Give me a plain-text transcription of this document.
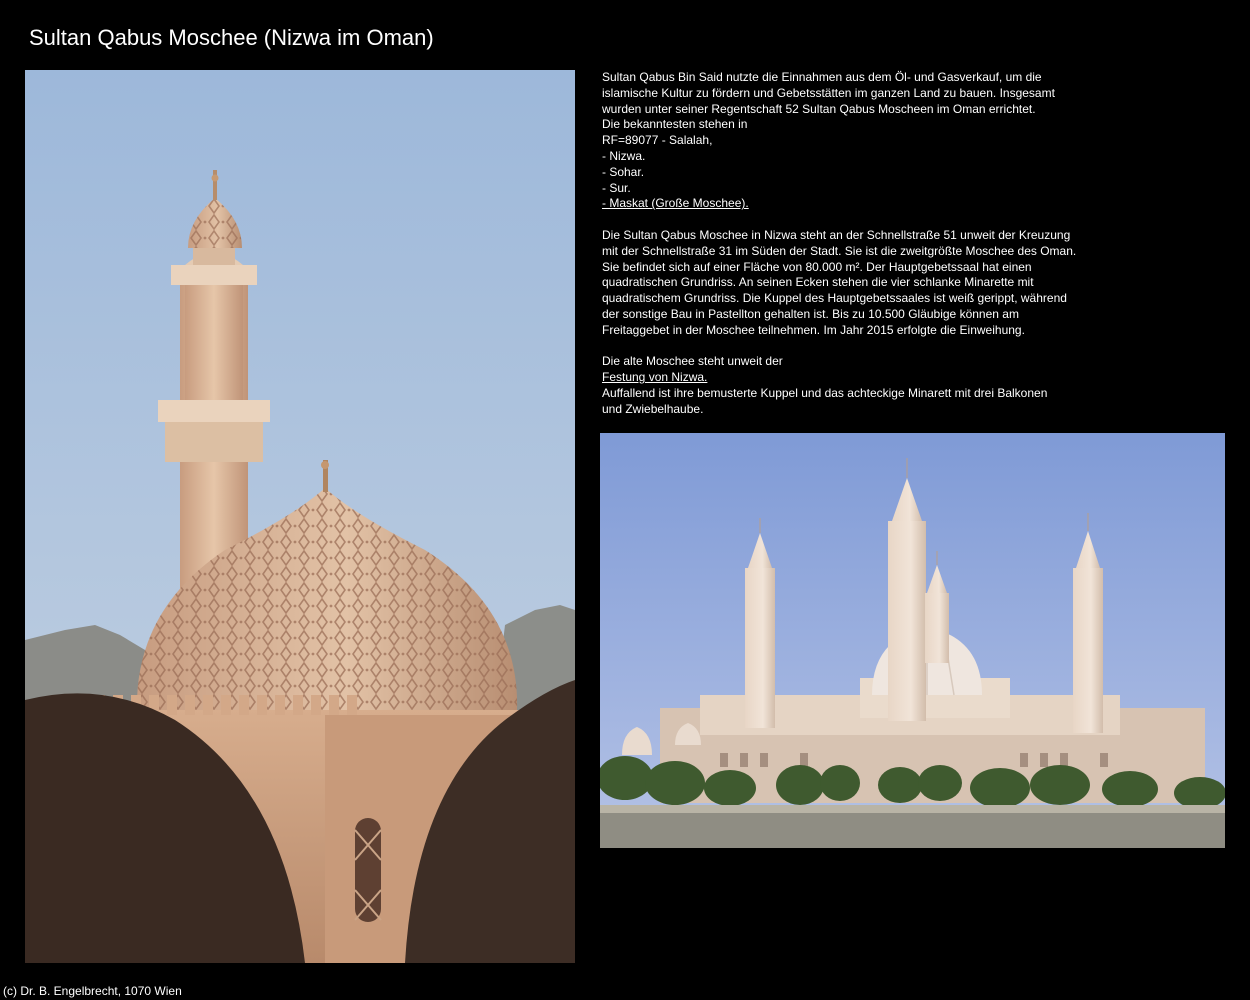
Sultan Qabus Moschee (Nizwa im Oman)

Sultan Qabus Bin Said nutzte die Einnahmen aus dem Öl- und Gasverkauf, um die
islamische Kultur zu fördern und Gebetsstätten im ganzen Land zu bauen. Insgesamt
wurden unter seiner Regentschaft 52 Sultan Qabus Moscheen im Oman errichtet.
Die bekanntesten stehen in
RF=89077 - Salalah,
- Nizwa.
- Sohar.
- Sur.
- Maskat (Große Moschee).

Die Sultan Qabus Moschee in Nizwa steht an der Schnellstraße 51 unweit der Kreuzung
mit der Schnellstraße 31 im Süden der Stadt. Sie ist die zweitgrößte Moschee des Oman.
Sie befindet sich auf einer Fläche von 80.000 m². Der Hauptgebetssaal hat einen
quadratischen Grundriss. An seinen Ecken stehen die vier schlanke Minarette mit
quadratischem Grundriss. Die Kuppel des Hauptgebetssaales ist weiß gerippt, während
der sonstige Bau in Pastellton gehalten ist. Bis zu 10.500 Gläubige können am
Freitaggebet in der Moschee teilnehmen. Im Jahr 2015 erfolgte die Einweihung.

Die alte Moschee steht unweit der
Festung von Nizwa.
Auffallend ist ihre bemusterte Kuppel und das achteckige Minarett mit drei Balkonen
und Zwiebelhaube.

(c) Dr. B. Engelbrecht, 1070 Wien
